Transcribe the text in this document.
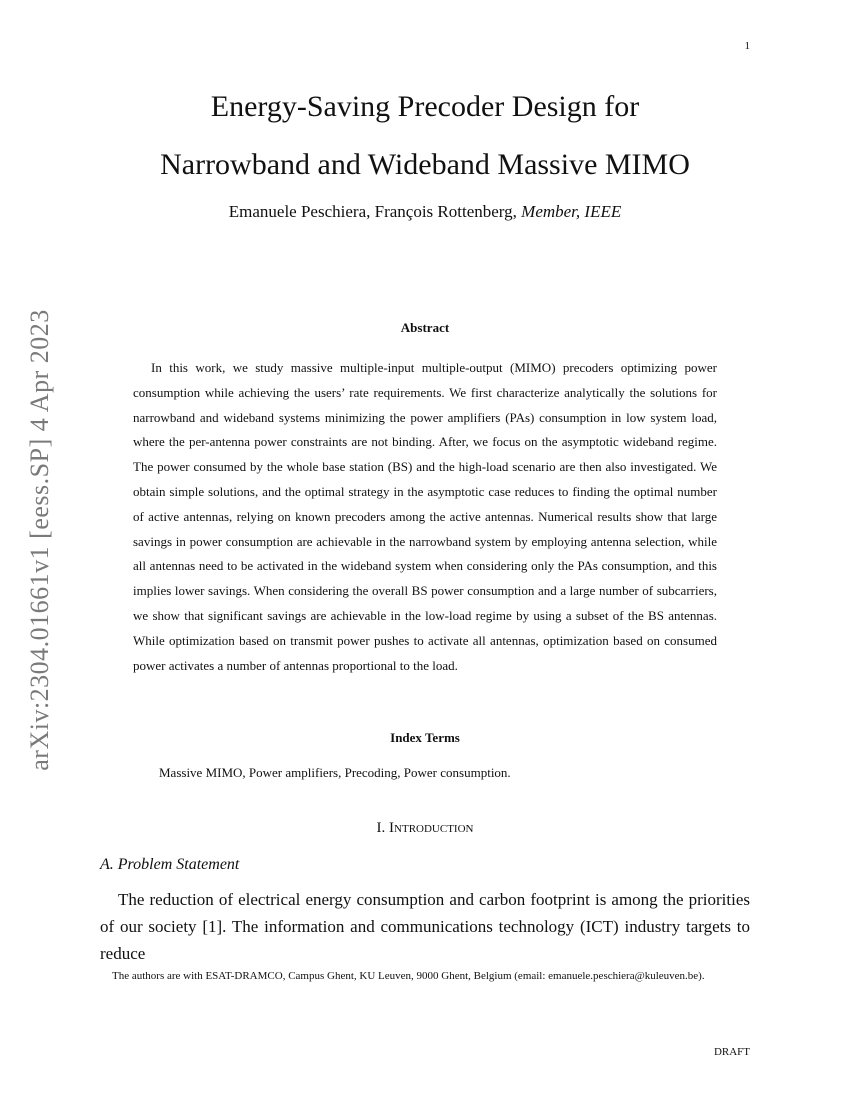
1
arXiv:2304.01661v1 [eess.SP] 4 Apr 2023
Energy-Saving Precoder Design for
Narrowband and Wideband Massive MIMO
Emanuele Peschiera, François Rottenberg, Member, IEEE
Abstract

In this work, we study massive multiple-input multiple-output (MIMO) precoders optimizing power consumption while achieving the users’ rate requirements. We first characterize analytically the solutions for narrowband and wideband systems minimizing the power amplifiers (PAs) consumption in low system load, where the per-antenna power constraints are not binding. After, we focus on the asymptotic wideband regime. The power consumed by the whole base station (BS) and the high-load scenario are then also investigated. We obtain simple solutions, and the optimal strategy in the asymptotic case reduces to finding the optimal number of active antennas, relying on known precoders among the active antennas. Numerical results show that large savings in power consumption are achievable in the narrowband system by employing antenna selection, while all antennas need to be activated in the wideband system when considering only the PAs consumption, and this implies lower savings. When considering the overall BS power consumption and a large number of subcarriers, we show that significant savings are achievable in the low-load regime by using a subset of the BS antennas. While optimization based on transmit power pushes to activate all antennas, optimization based on consumed power activates a number of antennas proportional to the load.

Index Terms
Massive MIMO, Power amplifiers, Precoding, Power consumption.
I. Introduction
A. Problem Statement

The reduction of electrical energy consumption and carbon footprint is among the priorities of our society [1]. The information and communications technology (ICT) industry targets to reduce

The authors are with ESAT-DRAMCO, Campus Ghent, KU Leuven, 9000 Ghent, Belgium (email: emanuele.peschiera@kuleuven.be).
DRAFT
